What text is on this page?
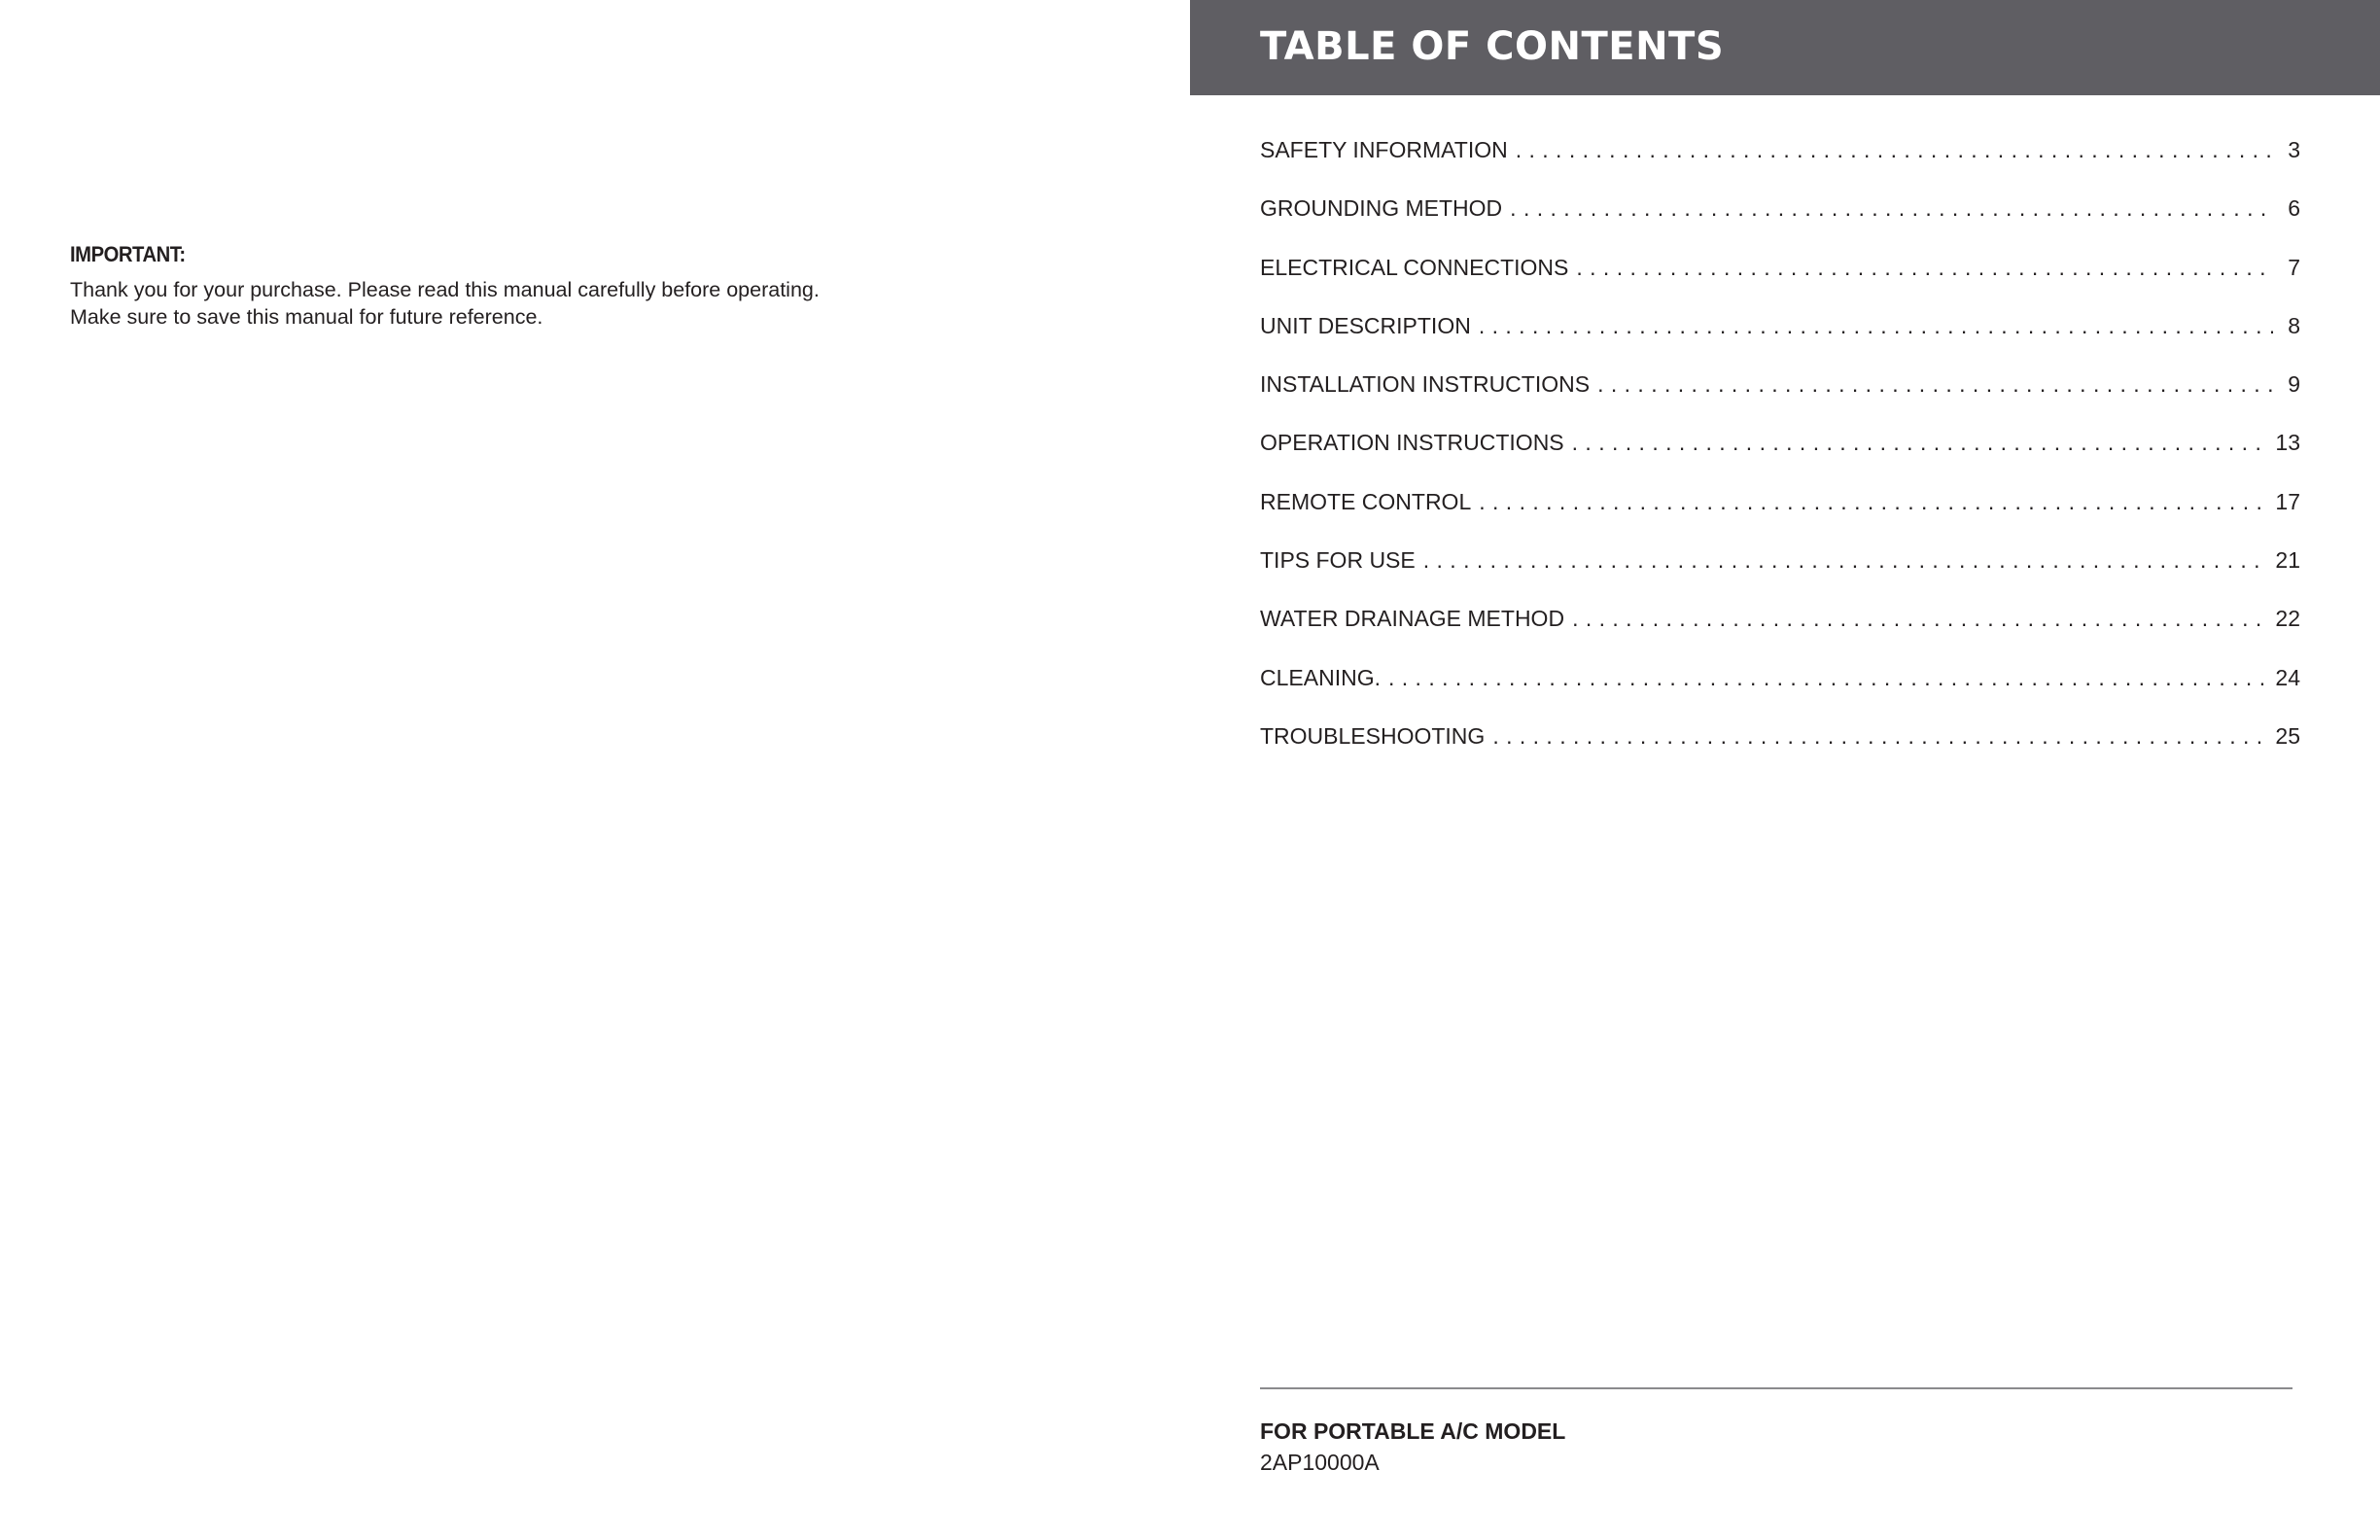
IMPORTANT:

Thank you for your purchase. Please read this manual carefully before operating.

Make sure to save this manual for future reference.

TABLE OF CONTENTS
SAFETY INFORMATION . . .	3
GROUNDING METHOD . . .	6
ELECTRICAL CONNECTIONS . . .	7
UNIT DESCRIPTION . . .	8
INSTALLATION INSTRUCTIONS . . .	9
OPERATION INSTRUCTIONS . . .	13
REMOTE CONTROL . . .	17
TIPS FOR USE . . .	21
WATER DRAINAGE METHOD . . .	22
CLEANING. . . .	24
TROUBLESHOOTING . . .	25

FOR PORTABLE A/C MODEL

2AP10000A
